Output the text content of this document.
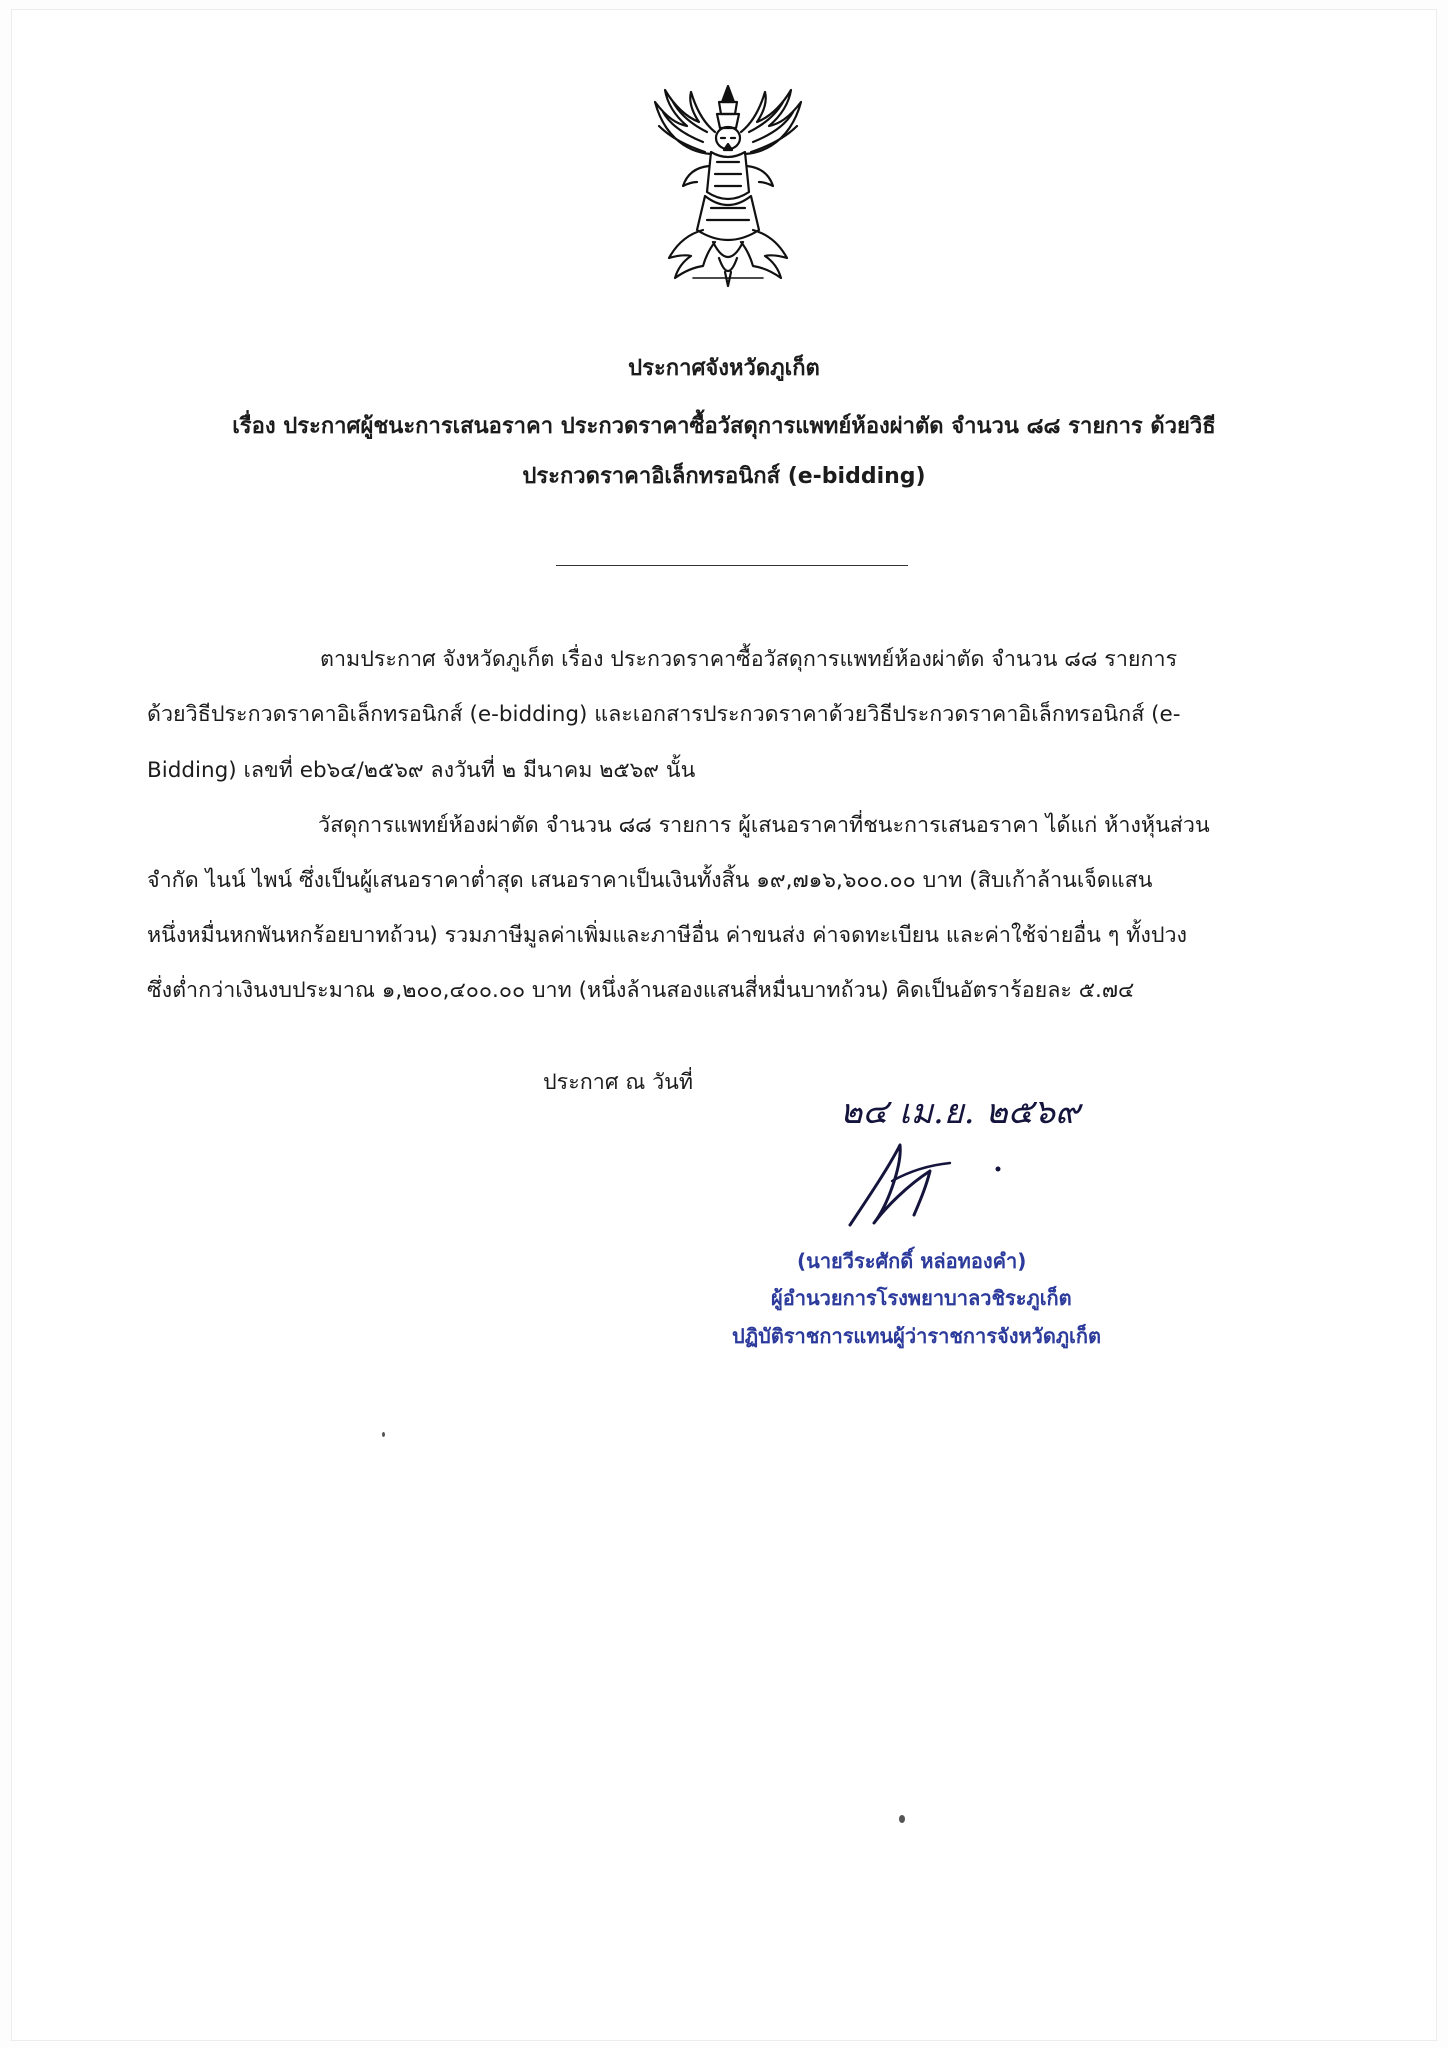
ประกาศจังหวัดภูเก็ต
เรื่อง ประกาศผู้ชนะการเสนอราคา ประกวดราคาซื้อวัสดุการแพทย์ห้องผ่าตัด จำนวน ๘๘ รายการ ด้วยวิธี
ประกวดราคาอิเล็กทรอนิกส์ (e-bidding)
ตามประกาศ จังหวัดภูเก็ต เรื่อง ประกวดราคาซื้อวัสดุการแพทย์ห้องผ่าตัด จำนวน ๘๘ รายการ
ด้วยวิธีประกวดราคาอิเล็กทรอนิกส์ (e-bidding) และเอกสารประกวดราคาด้วยวิธีประกวดราคาอิเล็กทรอนิกส์ (e-
Bidding) เลขที่ eb๖๔/๒๕๖๙ ลงวันที่ ๒ มีนาคม ๒๕๖๙ นั้น
วัสดุการแพทย์ห้องผ่าตัด จำนวน ๘๘ รายการ ผู้เสนอราคาที่ชนะการเสนอราคา ได้แก่ ห้างหุ้นส่วน
จำกัด ไนน์ ไพน์ ซึ่งเป็นผู้เสนอราคาต่ำสุด เสนอราคาเป็นเงินทั้งสิ้น ๑๙,๗๑๖,๖๐๐.๐๐ บาท (สิบเก้าล้านเจ็ดแสน
หนึ่งหมื่นหกพันหกร้อยบาทถ้วน) รวมภาษีมูลค่าเพิ่มและภาษีอื่น ค่าขนส่ง ค่าจดทะเบียน และค่าใช้จ่ายอื่น ๆ ทั้งปวง
ซึ่งต่ำกว่าเงินงบประมาณ ๑,๒๐๐,๔๐๐.๐๐ บาท (หนึ่งล้านสองแสนสี่หมื่นบาทถ้วน) คิดเป็นอัตราร้อยละ ๕.๗๔
ประกาศ ณ วันที่
๒๔ เม.ย. ๒๕๖๙
(นายวีระศักดิ์ หล่อทองคำ)
ผู้อำนวยการโรงพยาบาลวชิระภูเก็ต
ปฏิบัติราชการแทนผู้ว่าราชการจังหวัดภูเก็ต
